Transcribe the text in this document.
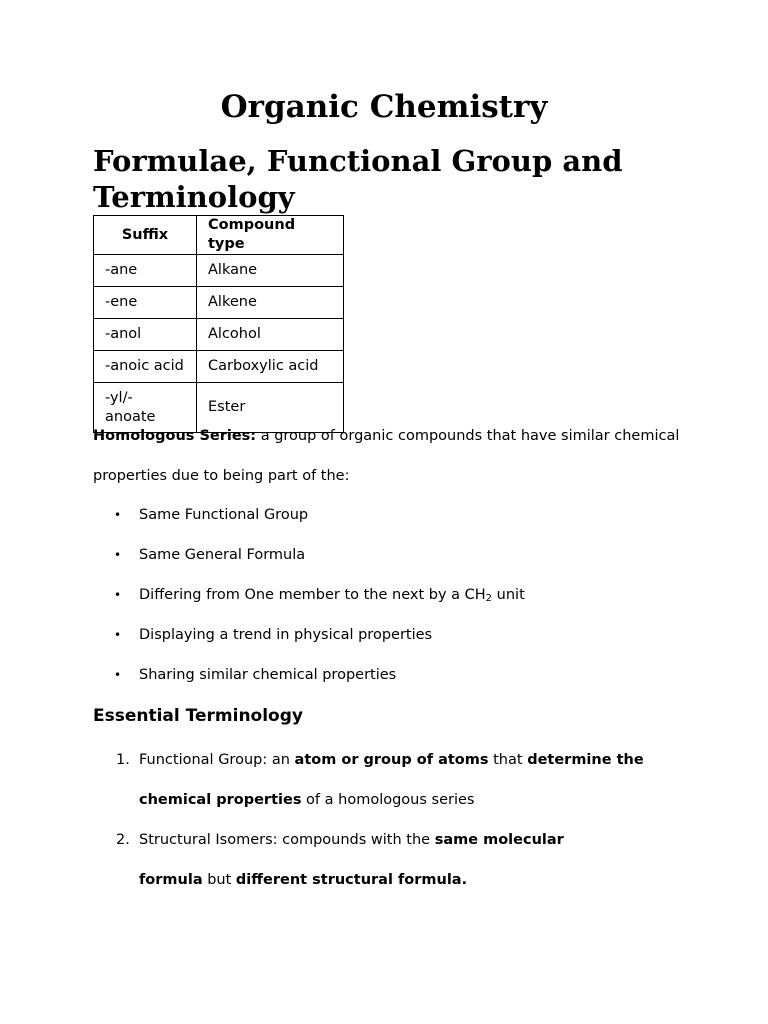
Organic Chemistry
Formulae, Functional Group and Terminology
Suffix	Compound type
-ane	Alkane
-ene	Alkene
-anol	Alcohol
-anoic acid	Carboxylic acid
-yl/- anoate	Ester

Homologous Series: a group of organic compounds that have similar chemical

properties due to being part of the:

• Same Functional Group

• Same General Formula

• Differing from One member to the next by a $CH_2$ unit

• Displaying a trend in physical properties

• Sharing similar chemical properties

Essential Terminology
1. Functional Group: an atom or group of atoms that determine the

chemical properties of a homologous series

2. Structural Isomers: compounds with the same molecular

formula but different structural formula.
